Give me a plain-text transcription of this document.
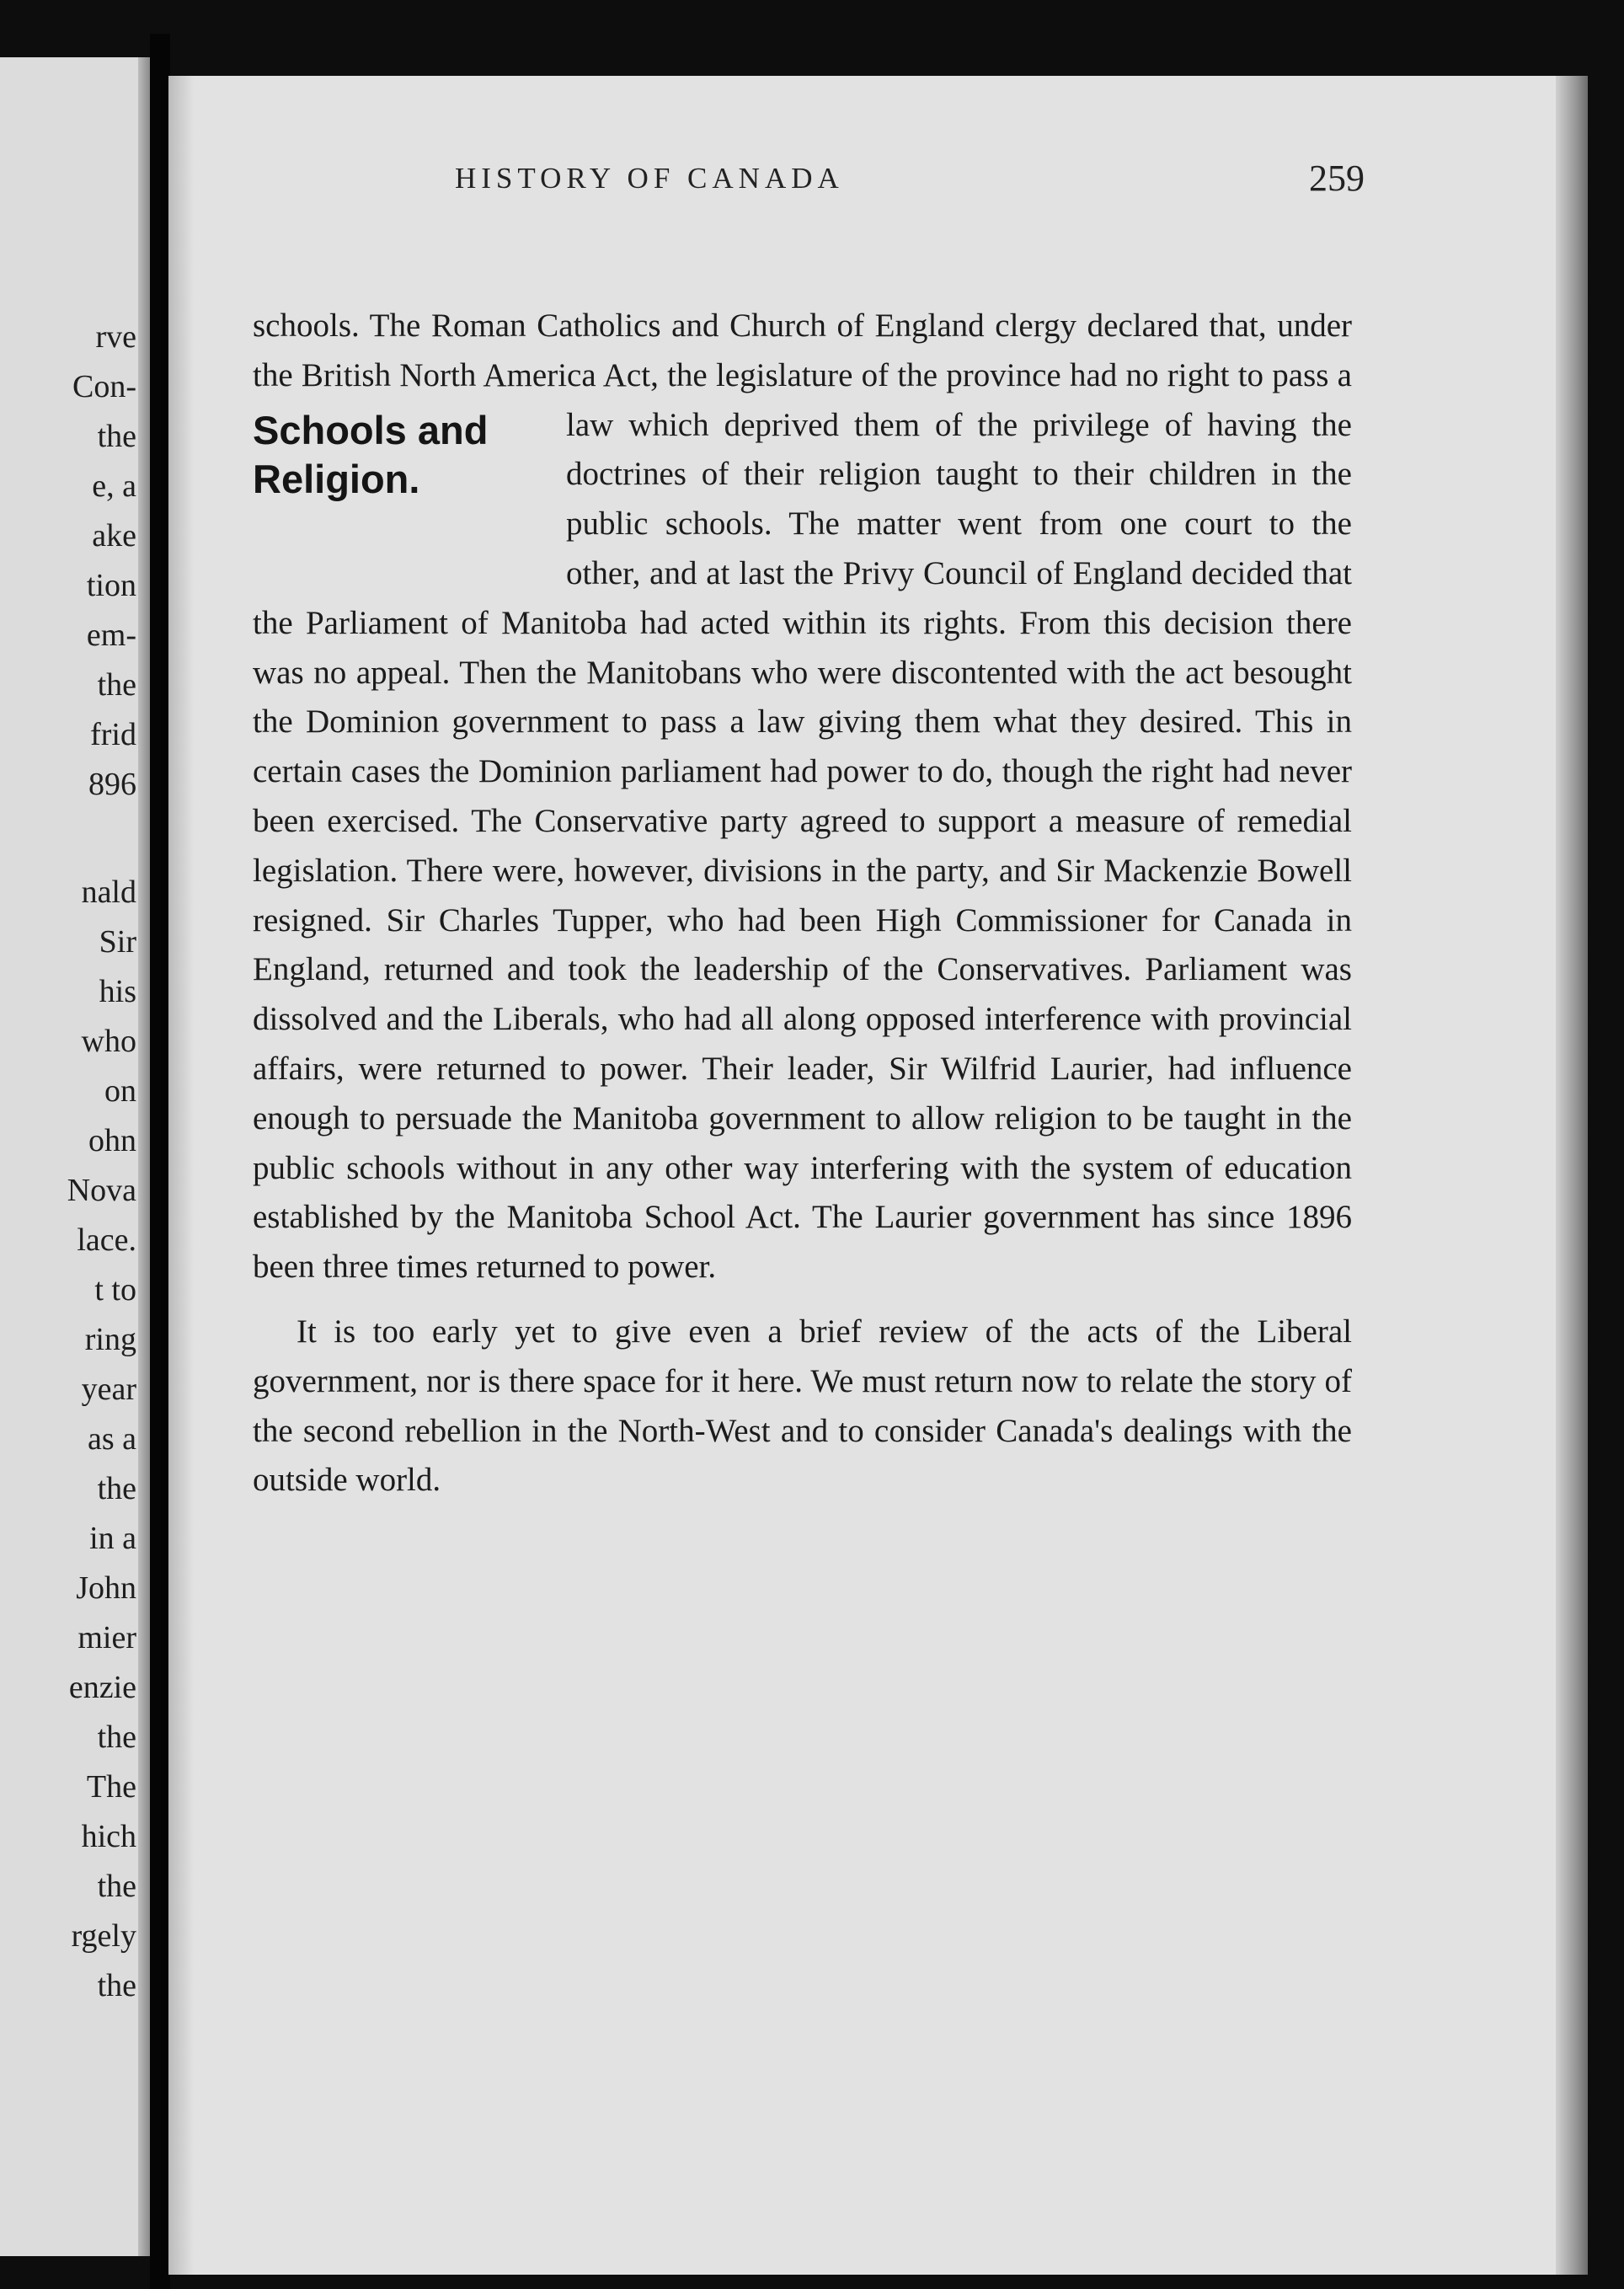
rve
Con-
the
e, a
ake
tion
em-
the
frid
896
nald
Sir
his
who
on
ohn
Nova
lace.
t to
ring
year
as a
the
in a
John
mier
enzie
the
The
hich
the
rgely
the
HISTORY OF CANADA	259

schools. The Roman Catholics and Church of England clergy declared that, under the British North America Act, the legislature of the province had no right to pass a law which deprived
Schools and
Religion.
them of the privilege of having the doctrines of their religion taught to their children in the public schools. The matter went from one court to the other, and at last the Privy Council of England decided that the Parliament of Manitoba had acted within its rights. From this decision there was no appeal. Then the Manitobans who were discontented with the act besought the Dominion government to pass a law giving them what they desired. This in certain cases the Dominion parliament had power to do, though the right had never been exercised. The Conservative party agreed to support a measure of remedial legislation. There were, however, divisions in the party, and Sir Mackenzie Bowell resigned. Sir Charles Tupper, who had been High Commissioner for Canada in England, returned and took the leadership of the Conservatives. Parliament was dissolved and the Liberals, who had all along opposed interference with provincial affairs, were returned to power. Their leader, Sir Wilfrid Laurier, had influence enough to persuade the Manitoba government to allow religion to be taught in the public schools without in any other way interfering with the system of education established by the Manitoba School Act. The Laurier government has since 1896 been three times returned to power.

It is too early yet to give even a brief review of the acts of the Liberal government, nor is there space for it here. We must return now to relate the story of the second rebellion in the North-West and to consider Canada's dealings with the outside world.
